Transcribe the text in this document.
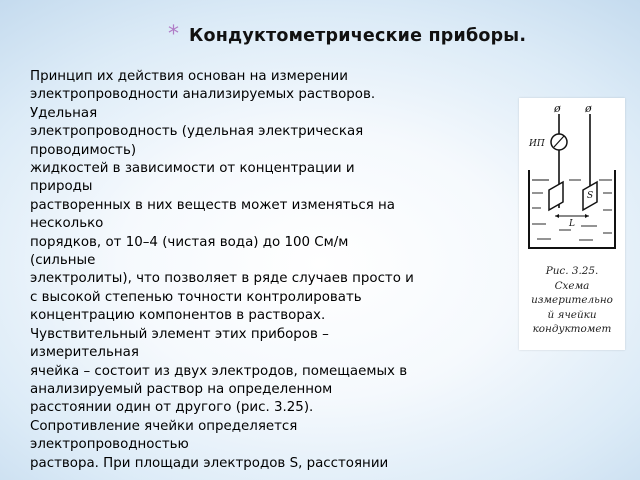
* Кондуктометрические приборы.
Принцип их действия основан на измерении
электропроводности анализируемых растворов.
Удельная
электропроводность (удельная электрическая
проводимость)
жидкостей в зависимости от концентрации и
природы
растворенных в них веществ может изменяться на
несколько
порядков, от 10–4 (чистая вода) до 100 См/м
(сильные
электролиты), что позволяет в ряде случаев просто и
с высокой степенью точности контролировать
концентрацию компонентов в растворах.
Чувствительный элемент этих приборов –
измерительная
ячейка – состоит из двух электродов, помещаемых в
анализируемый раствор на определенном
расстоянии один от другого (рис. 3.25).
Сопротивление ячейки определяется
электропроводностью
раствора. При площади электродов S, расстоянии
ø ø
ИП
S
L
Рис. 3.25.
Схема
измерительно
й ячейки
кондуктомет
